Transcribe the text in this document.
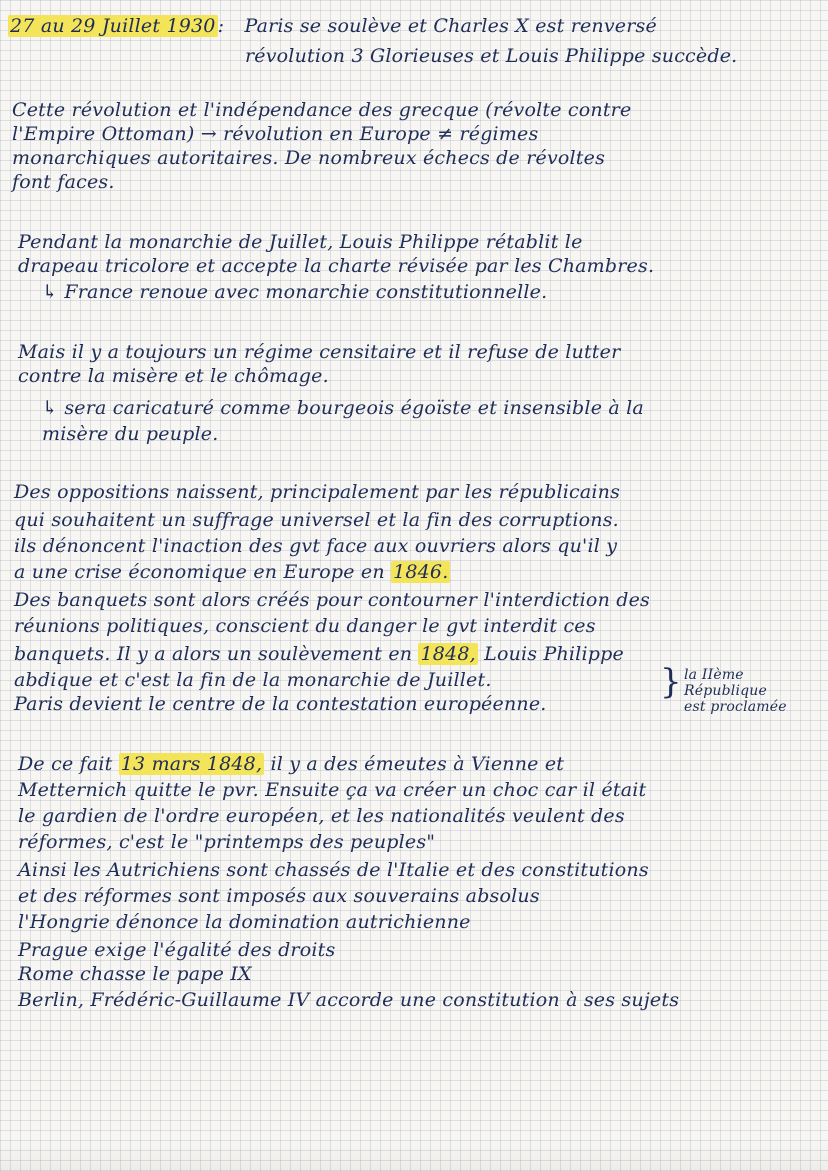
27 au 29 Juillet 1930 : Paris se soulève et Charles X est renversé

révolution 3 Glorieuses et Louis Philippe succède.

Cette révolution et l'indépendance des grecque (révolte contre

l'Empire Ottoman) → révolution en Europe ≠ régimes

monarchiques autoritaires. De nombreux échecs de révoltes

font faces.

Pendant la monarchie de Juillet, Louis Philippe rétablit le

drapeau tricolore et accepte la charte révisée par les Chambres.

↳ France renoue avec monarchie constitutionnelle.

Mais il y a toujours un régime censitaire et il refuse de lutter

contre la misère et le chômage.

↳ sera caricaturé comme bourgeois égoïste et insensible à la

misère du peuple.

Des oppositions naissent, principalement par les républicains

qui souhaitent un suffrage universel et la fin des corruptions.

ils dénoncent l'inaction des gvt face aux ouvriers alors qu'il y

a une crise économique en Europe en 1846.

Des banquets sont alors créés pour contourner l'interdiction des

réunions politiques, conscient du danger le gvt interdit ces

banquets. Il y a alors un soulèvement en 1848, Louis Philippe

abdique et c'est la fin de la monarchie de Juillet.

Paris devient le centre de la contestation européenne.

} la IIème

République

est proclamée

De ce fait 13 mars 1848, il y a des émeutes à Vienne et

Metternich quitte le pvr. Ensuite ça va créer un choc car il était

le gardien de l'ordre européen, et les nationalités veulent des

réformes, c'est le "printemps des peuples"

Ainsi les Autrichiens sont chassés de l'Italie et des constitutions

et des réformes sont imposés aux souverains absolus

l'Hongrie dénonce la domination autrichienne

Prague exige l'égalité des droits

Rome chasse le pape IX

Berlin, Frédéric-Guillaume IV accorde une constitution à ses sujets
